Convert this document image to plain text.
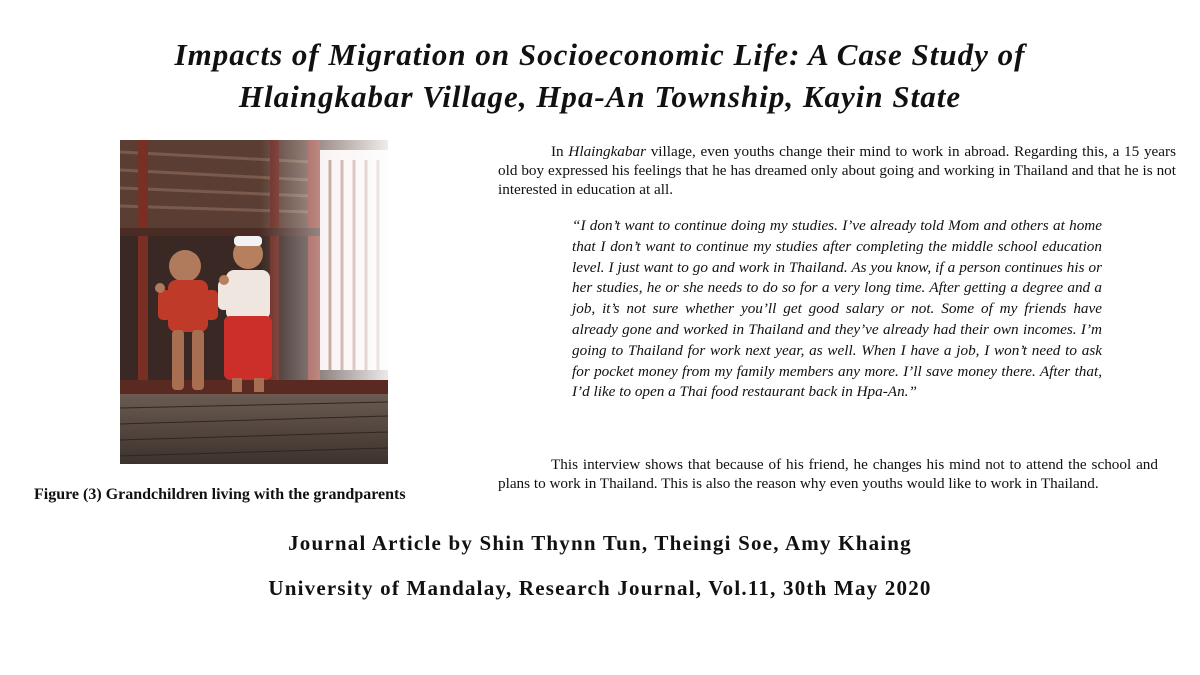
Impacts of Migration on Socioeconomic Life: A Case Study of
Hlaingkabar Village, Hpa-An Township, Kayin State
Figure (3) Grandchildren living with the grandparents
In Hlaingkabar village, even youths change their mind to work in abroad. Regarding this, a 15 years old boy expressed his feelings that he has dreamed only about going and working in Thailand and that he is not interested in education at all.
“I don’t want to continue doing my studies. I’ve already told Mom and others at home that I don’t want to continue my studies after completing the middle school education level. I just want to go and work in Thailand. As you know, if a person continues his or her studies, he or she needs to do so for a very long time. After getting a degree and a job, it’s not sure whether you’ll get good salary or not. Some of my friends have already gone and worked in Thailand and they’ve already had their own incomes. I’m going to Thailand for work next year, as well. When I have a job, I won’t need to ask for pocket money from my family members any more. I’ll save money there. After that, I’d like to open a Thai food restaurant back in Hpa-An.”
This interview shows that because of his friend, he changes his mind not to attend the school and plans to work in Thailand. This is also the reason why even youths would like to work in Thailand.
Journal Article by Shin Thynn Tun, Theingi Soe, Amy Khaing
University of Mandalay, Research Journal, Vol.11, 30th May 2020
